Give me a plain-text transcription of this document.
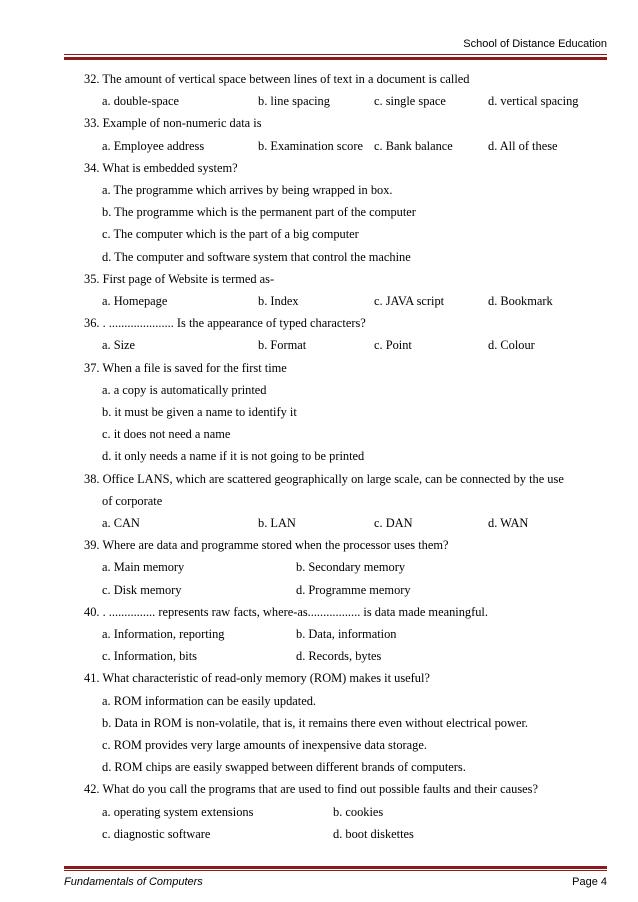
School of Distance Education
32. The amount of vertical space between lines of text in a document is called
a. double-space	b. line spacing	c. single space	d. vertical spacing
33. Example of non-numeric data is
a. Employee address	b. Examination score c. Bank balance	d. All of these
34. What is embedded system?
a. The programme which arrives by being wrapped in box.
b. The programme which is the permanent part of the computer
c. The computer which is the part of a big computer
d. The computer and software system that control the machine
35. First page of Website is termed as-
a. Homepage	b. Index	c. JAVA script	d. Bookmark
36. . ..................... Is the appearance of typed characters?
a. Size	b. Format	c. Point	d. Colour
37. When a file is saved for the first time
a. a copy is automatically printed
b. it must be given a name to identify it
c. it does not need a name
d. it only needs a name if it is not going to be printed
38. Office LANS, which are scattered geographically on large scale, can be connected by the use
of corporate
a. CAN	b. LAN	c. DAN	d. WAN
39. Where are data and programme stored when the processor uses them?
a. Main memory	b. Secondary memory
c. Disk memory	d. Programme memory
40. . ............... represents raw facts, where-as................. is data made meaningful.
a. Information, reporting	b. Data, information
c. Information, bits	d. Records, bytes
41. What characteristic of read-only memory (ROM) makes it useful?
a. ROM information can be easily updated.
b. Data in ROM is non-volatile, that is, it remains there even without electrical power.
c. ROM provides very large amounts of inexpensive data storage.
d. ROM chips are easily swapped between different brands of computers.
42. What do you call the programs that are used to find out possible faults and their causes?
a. operating system extensions	b. cookies
c. diagnostic software	d. boot diskettes
Fundamentals of Computers	Page 4
